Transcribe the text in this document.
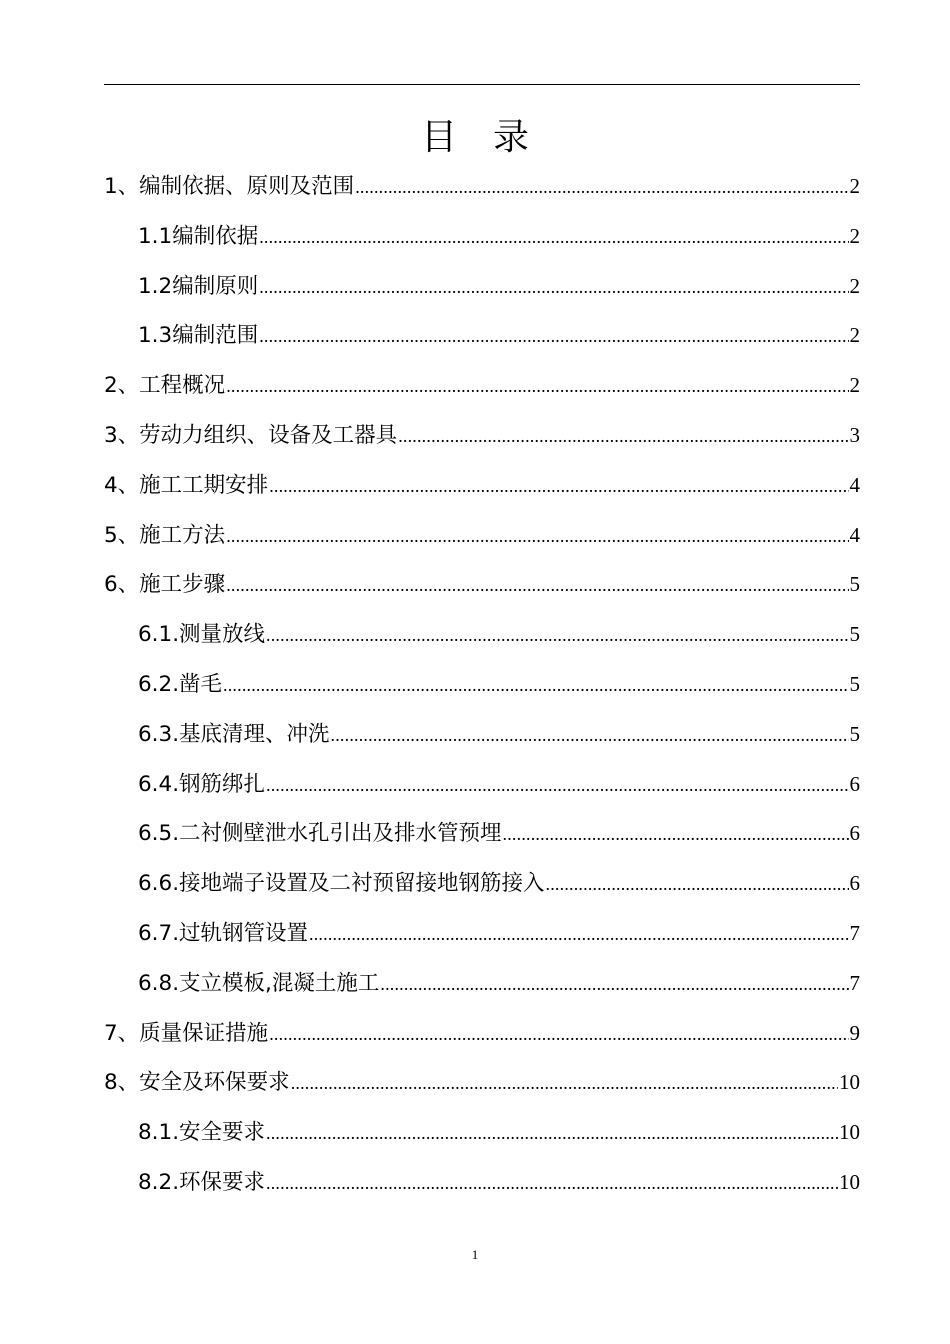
目录
1、编制依据、原则及范围 .....	2
1.1编制依据 .....	2
1.2编制原则 .....	2
1.3编制范围 .....	2
2、工程概况 .....	2
3、劳动力组织、设备及工器具 .....	3
4、施工工期安排 .....	4
5、施工方法 .....	4
6、施工步骤 .....	5
6.1.测量放线 .....	5
6.2.凿毛 .....	5
6.3.基底清理、冲洗 .....	5
6.4.钢筋绑扎 .....	6
6.5.二衬侧壁泄水孔引出及排水管预埋 .....	6
6.6.接地端子设置及二衬预留接地钢筋接入 .....	6
6.7.过轨钢管设置 .....	7
6.8.支立模板,混凝土施工 .....	7
7、质量保证措施 .....	9
8、安全及环保要求 .....	10
8.1.安全要求 .....	10
8.2.环保要求 .....	10
1
